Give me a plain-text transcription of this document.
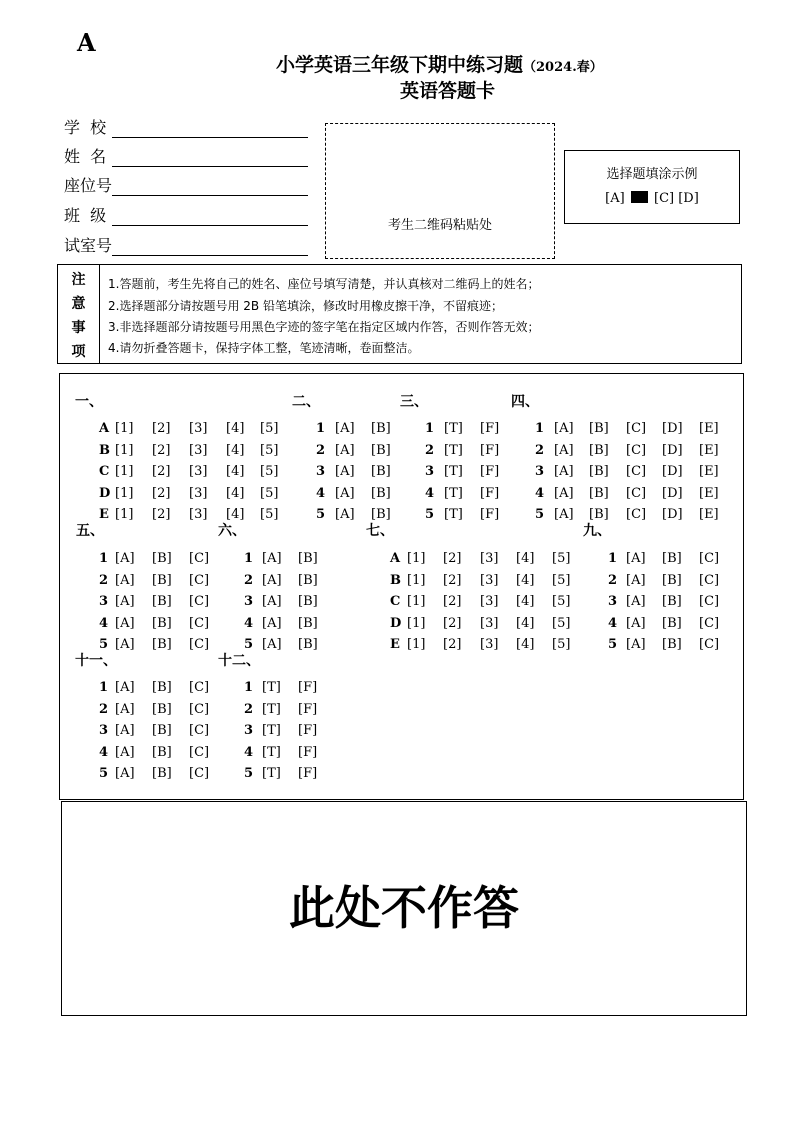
A
小学英语三年级下期中练习题（2024.春）
英语答题卡
学  校
姓  名
座位号
班  级
试室号
考生二维码粘贴处
选择题填涂示例
[A] [C] [D]
注
意
事
项
1.答题前，考生先将自己的姓名、座位号填写清楚，并认真核对二维码上的姓名；
2.选择题部分请按题号用 2B 铅笔填涂，修改时用橡皮擦干净，不留痕迹；
3.非选择题部分请按题号用黑色字迹的签字笔在指定区域内作答，否则作答无效；
4.请勿折叠答题卡，保持字体工整，笔迹清晰，卷面整洁。
此处不作答
一、
A [1] [2] [3] [4] [5]
B [1] [2] [3] [4] [5]
C [1] [2] [3] [4] [5]
D [1] [2] [3] [4] [5]
E [1] [2] [3] [4] [5]
二、
1 [A] [B]
2 [A] [B]
3 [A] [B]
4 [A] [B]
5 [A] [B]
三、
1 [T] [F]
2 [T] [F]
3 [T] [F]
4 [T] [F]
5 [T] [F]
四、
1 [A] [B] [C] [D] [E]
2 [A] [B] [C] [D] [E]
3 [A] [B] [C] [D] [E]
4 [A] [B] [C] [D] [E]
5 [A] [B] [C] [D] [E]
五、
1 [A] [B] [C]
2 [A] [B] [C]
3 [A] [B] [C]
4 [A] [B] [C]
5 [A] [B] [C]
六、
1 [A] [B]
2 [A] [B]
3 [A] [B]
4 [A] [B]
5 [A] [B]
七、
A [1] [2] [3] [4] [5]
B [1] [2] [3] [4] [5]
C [1] [2] [3] [4] [5]
D [1] [2] [3] [4] [5]
E [1] [2] [3] [4] [5]
九、
1 [A] [B] [C]
2 [A] [B] [C]
3 [A] [B] [C]
4 [A] [B] [C]
5 [A] [B] [C]
十一、
1 [A] [B] [C]
2 [A] [B] [C]
3 [A] [B] [C]
4 [A] [B] [C]
5 [A] [B] [C]
十二、
1 [T] [F]
2 [T] [F]
3 [T] [F]
4 [T] [F]
5 [T] [F]
